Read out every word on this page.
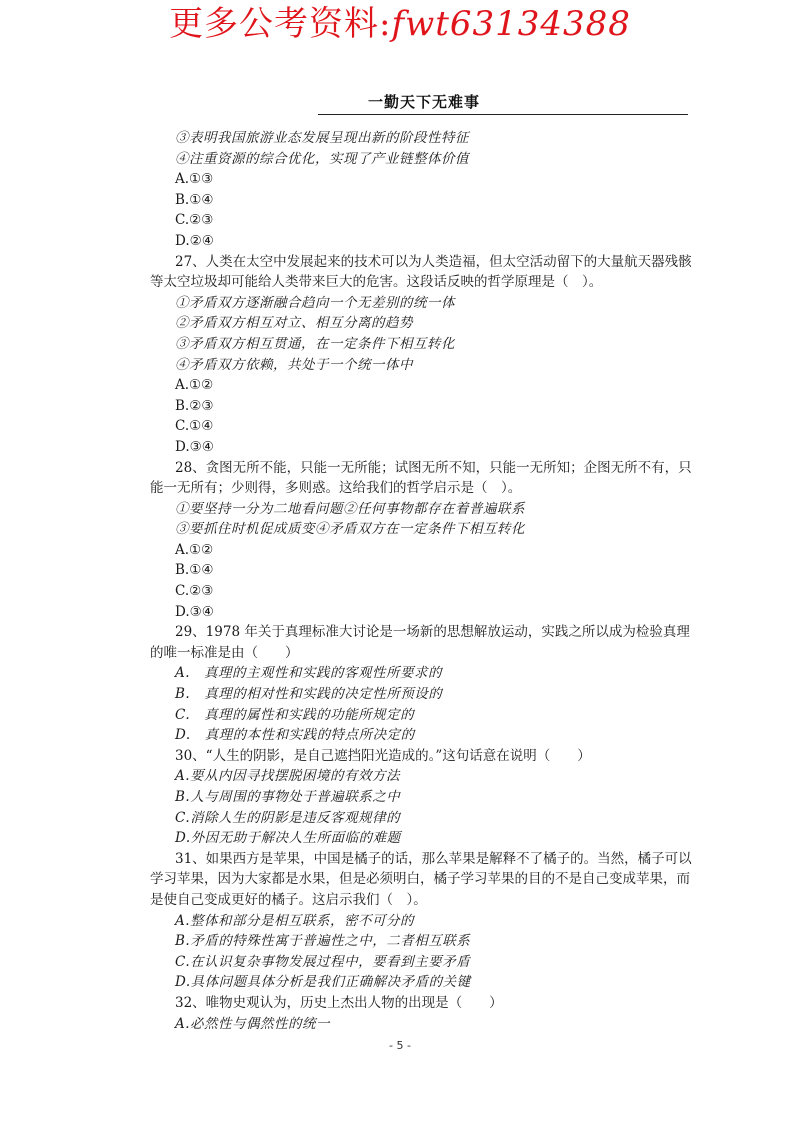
更多公考资料:fwt63134388
一勤天下无难事
③表明我国旅游业态发展呈现出新的阶段性特征
④注重资源的综合优化，实现了产业链整体价值
A.①③
B.①④
C.②③
D.②④
27、人类在太空中发展起来的技术可以为人类造福，但太空活动留下的大量航天器残骸等太空垃圾却可能给人类带来巨大的危害。这段话反映的哲学原理是（　）。
①矛盾双方逐渐融合趋向一个无差别的统一体
②矛盾双方相互对立、相互分离的趋势
③矛盾双方相互贯通，在一定条件下相互转化
④矛盾双方依赖，共处于一个统一体中
A.①②
B.②③
C.①④
D.③④
28、贪图无所不能，只能一无所能；试图无所不知，只能一无所知；企图无所不有，只能一无所有；少则得，多则惑。这给我们的哲学启示是（　）。
①要坚持一分为二地看问题②任何事物都存在着普遍联系
③要抓住时机促成质变④矛盾双方在一定条件下相互转化
A.①②
B.①④
C.②③
D.③④
29、1978 年关于真理标准大讨论是一场新的思想解放运动，实践之所以成为检验真理的唯一标准是由（　　）
A.　真理的主观性和实践的客观性所要求的
B.　真理的相对性和实践的决定性所预设的
C.　真理的属性和实践的功能所规定的
D.　真理的本性和实践的特点所决定的
30、“人生的阴影，是自己遮挡阳光造成的。”这句话意在说明（　　）
A.要从内因寻找摆脱困境的有效方法
B.人与周围的事物处于普遍联系之中
C.消除人生的阴影是违反客观规律的
D.外因无助于解决人生所面临的难题
31、如果西方是苹果，中国是橘子的话，那么苹果是解释不了橘子的。当然，橘子可以学习苹果，因为大家都是水果，但是必须明白，橘子学习苹果的目的不是自己变成苹果，而是使自己变成更好的橘子。这启示我们（　）。
A.整体和部分是相互联系，密不可分的
B.矛盾的特殊性寓于普遍性之中，二者相互联系
C.在认识复杂事物发展过程中，要看到主要矛盾
D.具体问题具体分析是我们正确解决矛盾的关键
32、唯物史观认为，历史上杰出人物的出现是（　　）
A.必然性与偶然性的统一
- 5 -
